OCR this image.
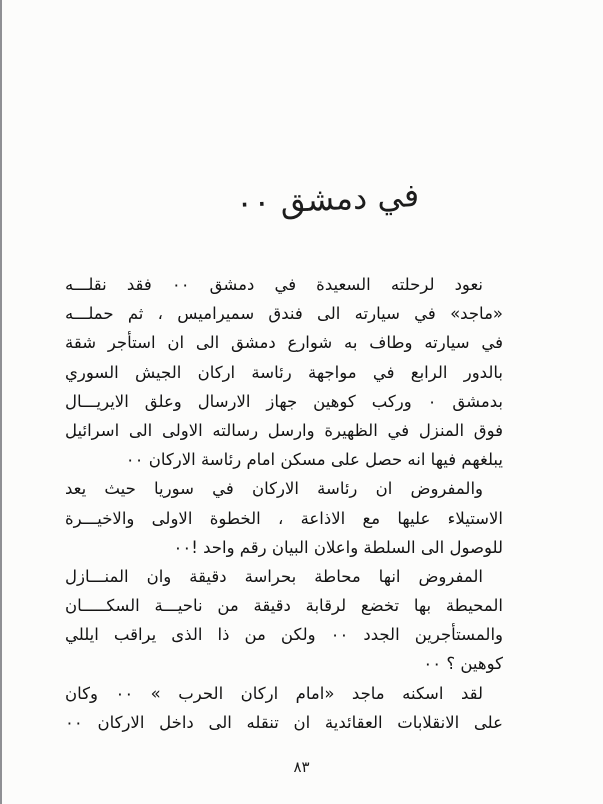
في دمشق ٠٠
نعود لرحلته السعيدة في دمشق ٠٠ فقد نقلـــه
«ماجد» في سيارته الى فندق سميراميس ، ثم حملـــه
في سيارته وطاف به شوارع دمشق الى ان استأجر شقة
بالدور الرابع في مواجهة رئاسة اركان الجيش السوري
بدمشق ٠ وركب كوهين جهاز الارسال وعلق الايريـــال
فوق المنزل في الظهيرة وارسل رسالته الاولى الى اسرائيل
يبلغهم فيها انه حصل على مسكن امام رئاسة الاركان ٠٠
والمفروض ان رئاسة الاركان في سوريا حيث يعد
الاستيلاء عليها مع الاذاعة ، الخطوة الاولى والاخيـــرة
للوصول الى السلطة واعلان البيان رقم واحد !٠٠
المفروض انها محاطة بحراسة دقيقة وان المنـــازل
المحيطة بها تخضع لرقابة دقيقة من ناحيـــة السكـــــان
والمستأجرين الجدد ٠٠ ولكن من ذا الذى يراقب ايللي
كوهين ؟ ٠٠
لقد اسكنه ماجد «امام اركان الحرب » ٠٠ وكان
على الانقلابات العقائدية ان تنقله الى داخل الاركان ٠٠
٨٣
